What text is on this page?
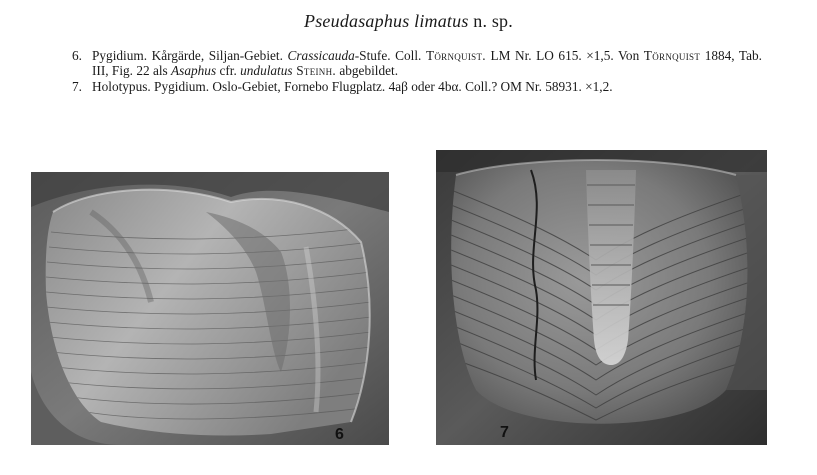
Pseudasaphus limatus n. sp.
6. Pygidium. Kårgärde, Siljan-Gebiet. Crassicauda-Stufe. Coll. Törnquist. LM Nr. LO 615. ×1,5. Von Törnquist 1884, Tab. III, Fig. 22 als Asaphus cfr. undulatus Steinh. abgebildet.
7. Holotypus. Pygidium. Oslo-Gebiet, Fornebo Flugplatz. 4aβ oder 4bα. Coll.? OM Nr. 58931. ×1,2.
6	7
